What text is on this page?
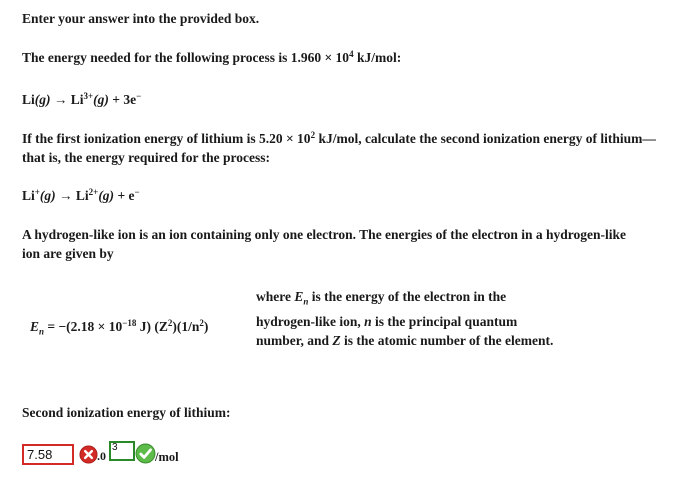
Enter your answer into the provided box.
The energy needed for the following process is $1.960 \times 10^4$ kJ/mol:
$Li(g) \to Li^{3+}(g) + 3e^-$
If the first ionization energy of lithium is $5.20 \times 10^2$ kJ/mol, calculate the second ionization energy of lithium—that is, the energy required for the process:
$Li^+(g) \to Li^{2+}(g) + e^-$
A hydrogen-like ion is an ion containing only one electron. The energies of the electron in a hydrogen-like ion are given by
$E_n = -(2.18 \times 10^{-18}$ J) $(Z^2)(1/n^2)$
where $E_n$ is the energy of the electron in the hydrogen-like ion, n is the principal quantum number, and Z is the atomic number of the element.
Second ionization energy of lithium:
7.58
.0
3	/mol
